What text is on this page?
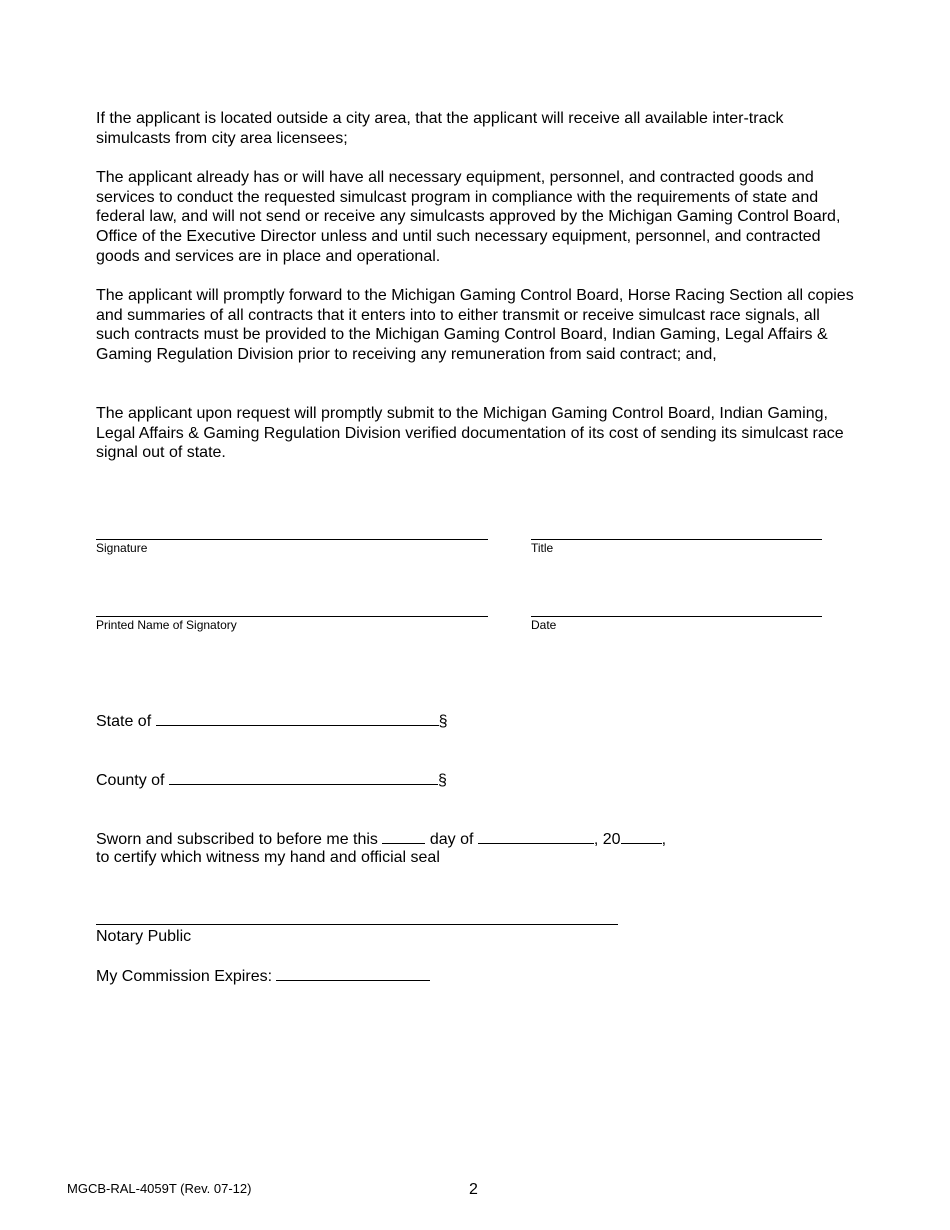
If the applicant is located outside a city area, that the applicant will receive all available inter-track simulcasts from city area licensees;

The applicant already has or will have all necessary equipment, personnel, and contracted goods and services to conduct the requested simulcast program in compliance with the requirements of state and federal law, and will not send or receive any simulcasts approved by the Michigan Gaming Control Board, Office of the Executive Director unless and until such necessary equipment, personnel, and contracted goods and services are in place and operational.

The applicant will promptly forward to the Michigan Gaming Control Board, Horse Racing Section all copies and summaries of all contracts that it enters into to either transmit or receive simulcast race signals, all such contracts must be provided to the Michigan Gaming Control Board, Indian Gaming, Legal Affairs & Gaming Regulation Division prior to receiving any remuneration from said contract; and,

The applicant upon request will promptly submit to the Michigan Gaming Control Board, Indian Gaming, Legal Affairs & Gaming Regulation Division verified documentation of its cost of sending its simulcast race signal out of state.

Signature	Title
Printed Name of Signatory	Date
State of	§
County of	§
Sworn and subscribed to before me this	day of	, 20	,
to certify which witness my hand and official seal
Notary Public
My Commission Expires:
MGCB-RAL-4059T (Rev. 07-12)	2
